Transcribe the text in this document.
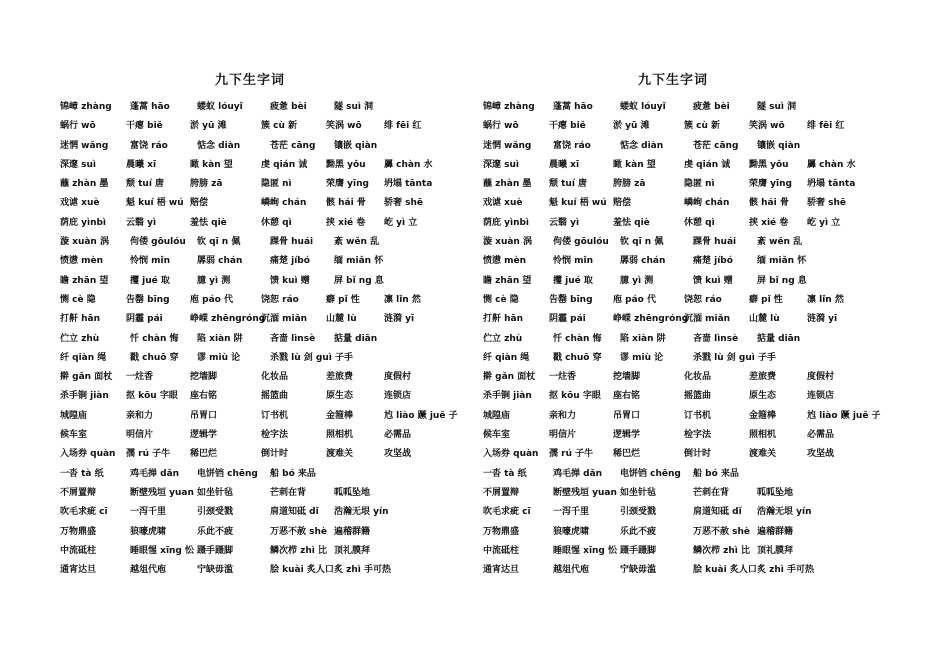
九下生字词
锦嶂 zhàng 蓬蒿 hāo	蝼蚁 lóuyǐ	疲惫 bèi	隧 suì 洞
蜗行 wō	干瘪 biě	淤 yū 滩	簇 cù 新	笑涡 wō 绯 fēi 红
迷惘 wǎng 富饶 ráo	惦念 diàn	苍茫 cāng 镶嵌 qiàn
深邃 suì	晨曦 xī	瞰 kàn 望	虔 qián 诚 黝黑 yǒu 羼 chàn 水
蘸 zhàn 墨 颓 tuí 唐	胯膀 zā	隐匿 nì	荣膺 yīng 坍塌 tānta
戏谑 xuè	魁 kuí 梧 wú 赔偿	嶙峋 chán 骸 hái 骨 骄奢 shē
荫庇 yìnbì 云翳 yì	羞怯 qiè	休憩 qì	挟 xié 卷 屹 yì 立
漩 xuàn 涡 佝偻 gōulóu 钦 qī n 佩	踝骨 huái 紊 wěn 乱
愤懑 mèn	怜悯 mǐn	孱弱 chán	痛楚 jíbó	缅 miǎn 怀
瞻 zhān 望 攫 jué 取	臆 yì 测	馈 kuì 赠	屏 bǐ ng 息
恻 cè 隐	告罄 bīng 庖 páo 代	饶恕 ráo	癖 pǐ 性	凛 lǐn 然
打鼾 hān	阴霾 pái	峥嵘 zhēngróng
沉湎 miǎn 山麓 lù	涟漪 yī
伫立 zhù	忏 chàn 悔 陷 xiàn 阱	吝啬 lìnsè 掂量 diān
纤 qiàn 绳	戳 chuō 穿 谬 miù 论	杀戮 lù 剑 guì 子手
擀 gǎn 面杖 一炷香	挖墙脚	化妆品	差旅费	度假村
杀手锏 jiàn 抠 kōu 字眼 座右铭	摇篮曲	原生态	连锁店
城隍庙	亲和力	吊胃口	订书机	金箍棒	尥 liào 蹶 juě 子
候车室	明信片	逻辑学	检字法	照相机	必需品
入场券 quàn 孺 rú 子牛 稀巴烂	倒计时	渡难关	攻坚战
一沓 tà 纸	鸡毛掸 dǎn 电饼铛 chēng 船 bó 来品
不屑置辩	断壁残垣 yuan 如坐针毡	芒刺在背	呱呱坠地
吹毛求疵 cī 一泻千里	引颈受戮	肩道知砥 dǐ 浩瀚无垠 yín
万物鼎盛	狼嚎虎啸	乐此不疲	万恶不赦 shè 遍稽群籍
中流砥柱	睡眼惺 xīng 忪 蹑手蹑脚	鳞次栉 zhì 比 顶礼膜拜
通宵达旦	越俎代庖	宁缺毋滥	脍 kuài 炙人口 炙 zhì 手可热
九下生字词
锦嶂 zhàng 蓬蒿 hāo	蝼蚁 lóuyǐ	疲惫 bèi	隧 suì 洞
蜗行 wō	干瘪 biě	淤 yū 滩	簇 cù 新	笑涡 wō 绯 fēi 红
迷惘 wǎng 富饶 ráo	惦念 diàn	苍茫 cāng 镶嵌 qiàn
深邃 suì	晨曦 xī	瞰 kàn 望	虔 qián 诚 黝黑 yǒu 羼 chàn 水
蘸 zhàn 墨 颓 tuí 唐	胯膀 zā	隐匿 nì	荣膺 yīng 坍塌 tānta
戏谑 xuè	魁 kuí 梧 wú 赔偿	嶙峋 chán 骸 hái 骨 骄奢 shē
荫庇 yìnbì 云翳 yì	羞怯 qiè	休憩 qì	挟 xié 卷 屹 yì 立
漩 xuàn 涡 佝偻 gōulóu 钦 qī n 佩	踝骨 huái 紊 wěn 乱
愤懑 mèn	怜悯 mǐn	孱弱 chán	痛楚 jíbó	缅 miǎn 怀
瞻 zhān 望 攫 jué 取	臆 yì 测	馈 kuì 赠	屏 bǐ ng 息
恻 cè 隐	告罄 bīng 庖 páo 代	饶恕 ráo	癖 pǐ 性	凛 lǐn 然
打鼾 hān	阴霾 pái	峥嵘 zhēngróng
沉湎 miǎn 山麓 lù	涟漪 yī
伫立 zhù	忏 chàn 悔 陷 xiàn 阱	吝啬 lìnsè 掂量 diān
纤 qiàn 绳	戳 chuō 穿 谬 miù 论	杀戮 lù 剑 guì 子手
擀 gǎn 面杖 一炷香	挖墙脚	化妆品	差旅费	度假村
杀手锏 jiàn 抠 kōu 字眼 座右铭	摇篮曲	原生态	连锁店
城隍庙	亲和力	吊胃口	订书机	金箍棒	尥 liào 蹶 juě 子
候车室	明信片	逻辑学	检字法	照相机	必需品
入场券 quàn 孺 rú 子牛 稀巴烂	倒计时	渡难关	攻坚战
一沓 tà 纸	鸡毛掸 dǎn 电饼铛 chēng 船 bó 来品
不屑置辩	断壁残垣 yuan 如坐针毡	芒刺在背	呱呱坠地
吹毛求疵 cī 一泻千里	引颈受戮	肩道知砥 dǐ 浩瀚无垠 yín
万物鼎盛	狼嚎虎啸	乐此不疲	万恶不赦 shè 遍稽群籍
中流砥柱	睡眼惺 xīng 忪 蹑手蹑脚	鳞次栉 zhì 比 顶礼膜拜
通宵达旦	越俎代庖	宁缺毋滥	脍 kuài 炙人口 炙 zhì 手可热
